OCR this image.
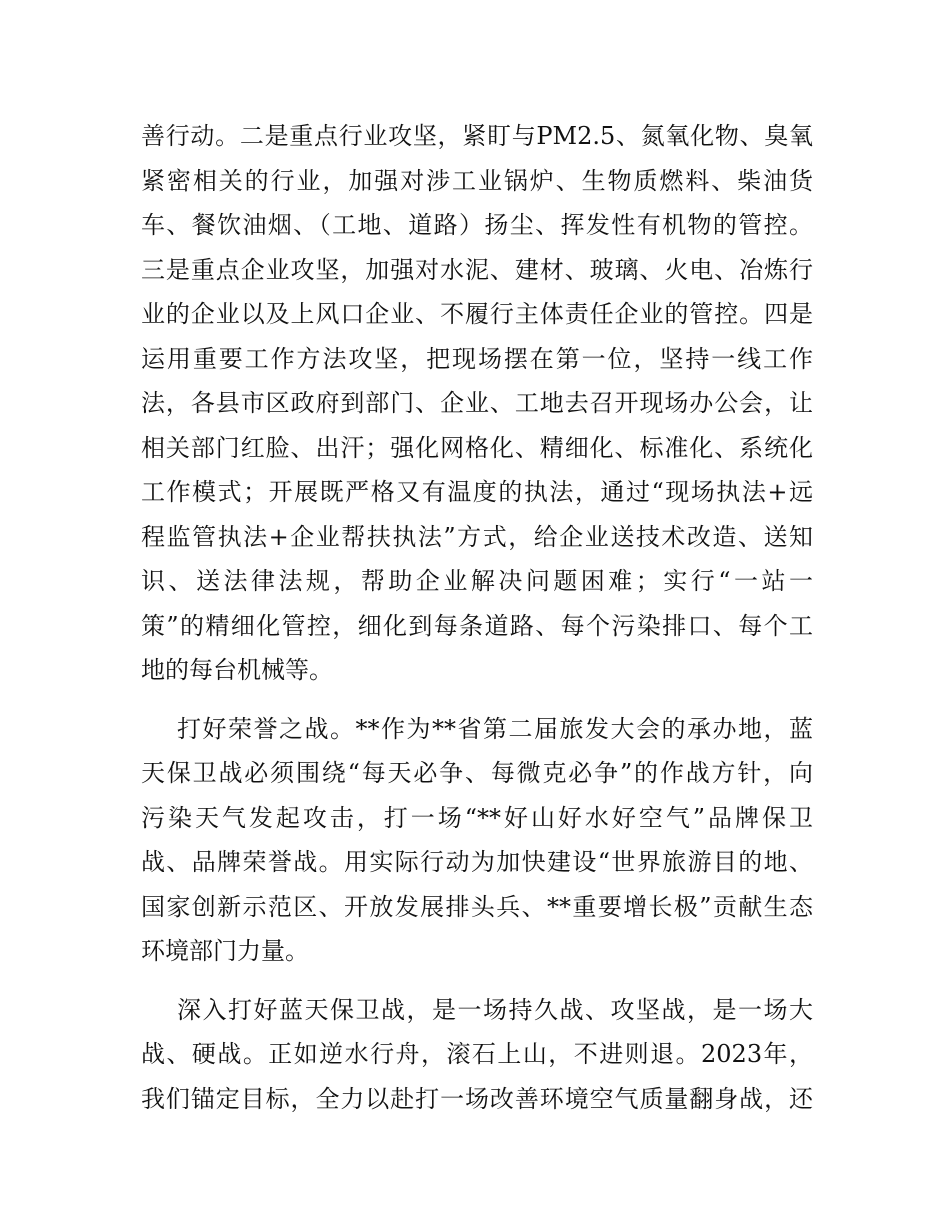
善行动。二是重点行业攻坚，紧盯与PM2.5、氮氧化物、臭氧
紧密相关的行业，加强对涉工业锅炉、生物质燃料、柴油货
车、餐饮油烟、（工地、道路）扬尘、挥发性有机物的管控。
三是重点企业攻坚，加强对水泥、建材、玻璃、火电、冶炼行
业的企业以及上风口企业、不履行主体责任企业的管控。四是
运用重要工作方法攻坚，把现场摆在第一位，坚持一线工作
法，各县市区政府到部门、企业、工地去召开现场办公会，让
相关部门红脸、出汗；强化网格化、精细化、标准化、系统化
工作模式；开展既严格又有温度的执法，通过“现场执法+远
程监管执法+企业帮扶执法”方式，给企业送技术改造、送知
识、送法律法规，帮助企业解决问题困难；实行“一站一
策”的精细化管控，细化到每条道路、每个污染排口、每个工
地的每台机械等。
打好荣誉之战。**作为**省第二届旅发大会的承办地，蓝
天保卫战必须围绕“每天必争、每微克必争”的作战方针，向
污染天气发起攻击，打一场“**好山好水好空气”品牌保卫
战、品牌荣誉战。用实际行动为加快建设“世界旅游目的地、
国家创新示范区、开放发展排头兵、**重要增长极”贡献生态
环境部门力量。
深入打好蓝天保卫战，是一场持久战、攻坚战，是一场大
战、硬战。正如逆水行舟，滚石上山，不进则退。2023年，
我们锚定目标，全力以赴打一场改善环境空气质量翻身战，还
